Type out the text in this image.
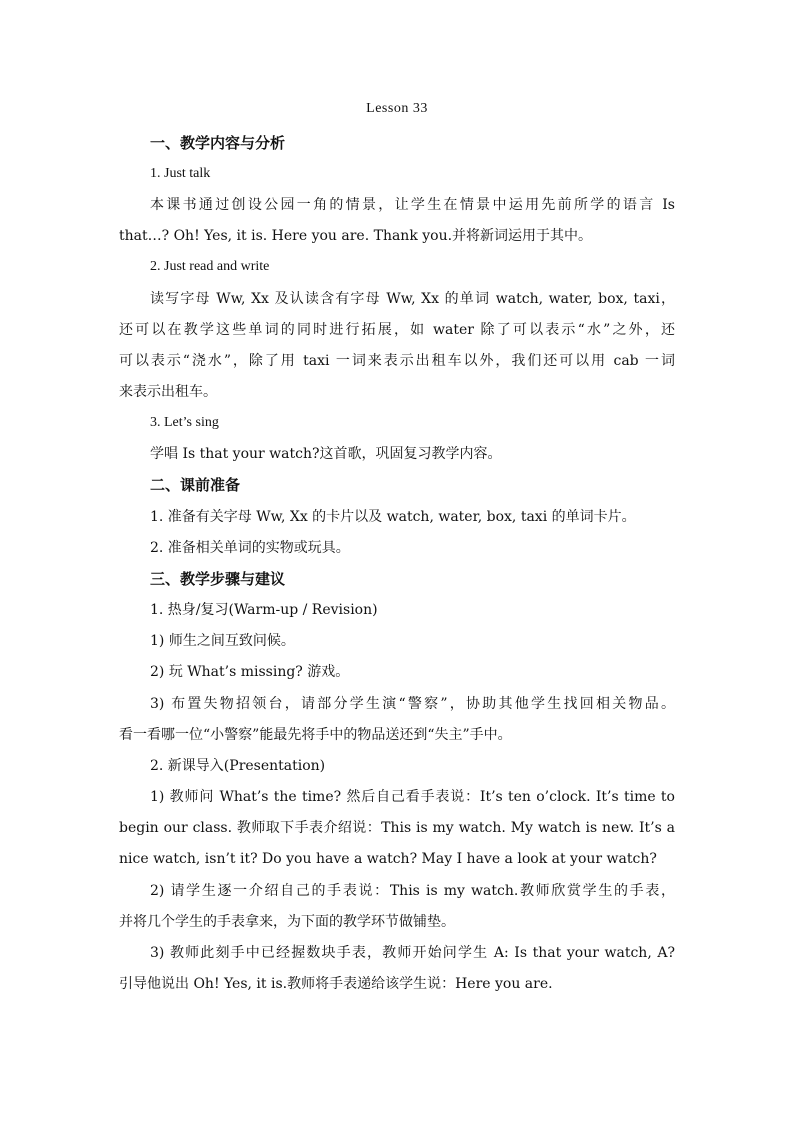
Lesson 33
一、教学内容与分析
1. Just talk
本课书通过创设公园一角的情景，让学生在情景中运用先前所学的语言 Is
that…? Oh! Yes, it is. Here you are. Thank you.并将新词运用于其中。
2. Just read and write
读写字母 Ww, Xx 及认读含有字母 Ww, Xx 的单词 watch, water, box, taxi，
还可以在教学这些单词的同时进行拓展，如 water 除了可以表示“水”之外，还
可以表示“浇水”，除了用 taxi 一词来表示出租车以外，我们还可以用 cab 一词
来表示出租车。
3. Let’s sing
学唱 Is that your watch?这首歌，巩固复习教学内容。
二、课前准备
1. 准备有关字母 Ww, Xx 的卡片以及 watch, water, box, taxi 的单词卡片。
2. 准备相关单词的实物或玩具。
三、教学步骤与建议
1. 热身/复习(Warm-up / Revision)
1) 师生之间互致问候。
2) 玩 What’s missing? 游戏。
3) 布置失物招领台，请部分学生演“警察”，协助其他学生找回相关物品。
看一看哪一位“小警察”能最先将手中的物品送还到“失主”手中。
2. 新课导入(Presentation)
1) 教师问 What’s the time? 然后自己看手表说：It’s ten o’clock. It’s time to
begin our class. 教师取下手表介绍说：This is my watch. My watch is new. It’s a
nice watch, isn’t it? Do you have a watch? May I have a look at your watch?
2) 请学生逐一介绍自己的手表说：This is my watch.教师欣赏学生的手表，
并将几个学生的手表拿来，为下面的教学环节做铺垫。
3) 教师此刻手中已经握数块手表，教师开始问学生 A: Is that your watch, A?
引导他说出 Oh! Yes, it is.教师将手表递给该学生说：Here you are.
